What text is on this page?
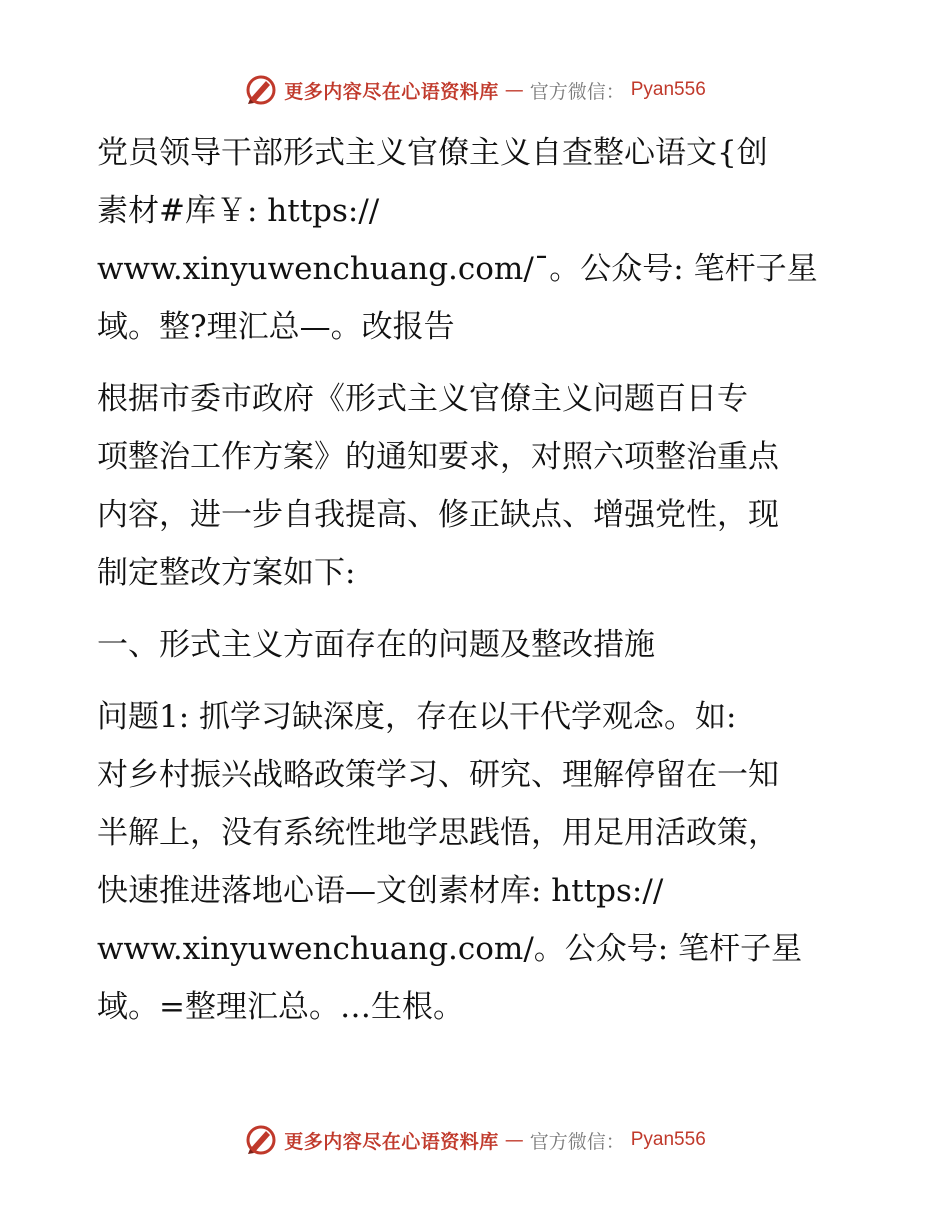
更多内容尽在心语资料库 — 官方微信： Pyan556
党员领导干部形式主义官僚主义自查整心语文{创
素材#库￥: https://
www.xinyuwenchuang.com/¯。公众号: 笔杆子星
域。整?理汇总—。改报告
根据市委市政府《形式主义官僚主义问题百日专
项整治工作方案》的通知要求，对照六项整治重点
内容，进一步自我提高、修正缺点、增强党性，现
制定整改方案如下:
一、形式主义方面存在的问题及整改措施
问题1: 抓学习缺深度，存在以干代学观念。如:
对乡村振兴战略政策学习、研究、理解停留在一知
半解上，没有系统性地学思践悟，用足用活政策，
快速推进落地心语—文创素材库: https://
www.xinyuwenchuang.com/。公众号: 笔杆子星
域。=整理汇总。…生根。
更多内容尽在心语资料库 — 官方微信： Pyan556
